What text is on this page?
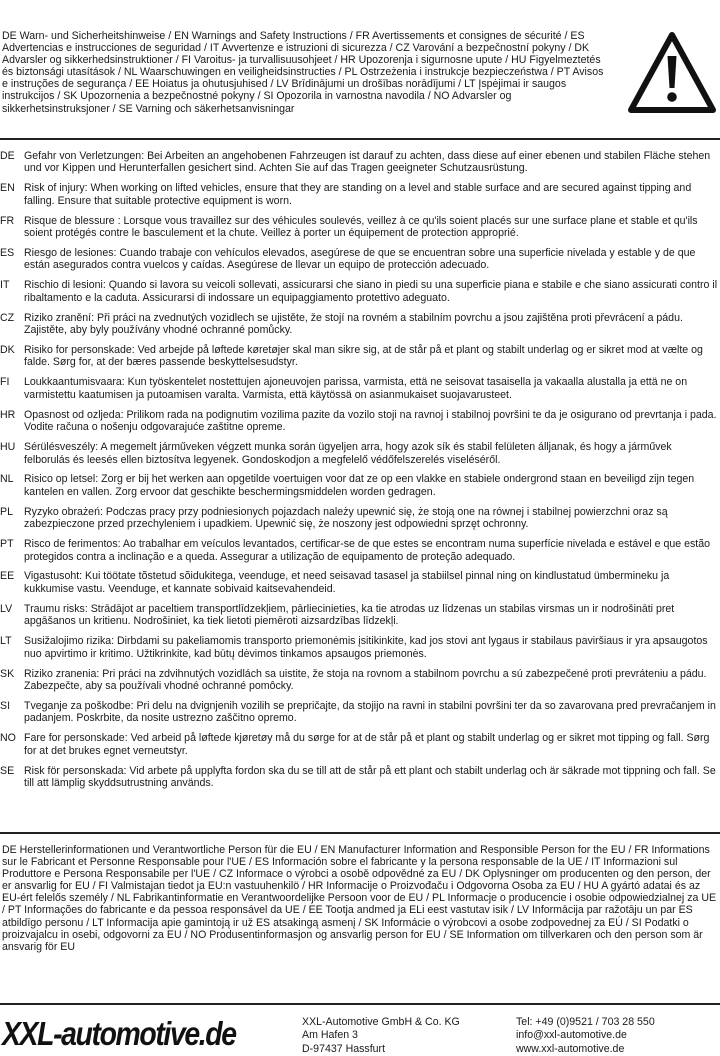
DE Warn- und Sicherheitshinweise / EN Warnings and Safety Instructions / FR Avertissements et consignes de sécurité / ES Advertencias e instrucciones de seguridad / IT Avvertenze e istruzioni di sicurezza / CZ Varování a bezpečnostní pokyny / DK Advarsler og sikkerhedsinstruktioner / FI Varoitus- ja turvallisuusohjeet / HR Upozorenja i sigurnosne upute / HU Figyelmeztetés és biztonsági utasítások / NL Waarschuwingen en veiligheidsinstructies / PL Ostrzeżenia i instrukcje bezpieczeństwa / PT Avisos e instruções de segurança / EE Hoiatus ja ohutusjuhised / LV Brīdinājumi un drošības norādījumi / LT Įspėjimai ir saugos instrukcijos / SK Upozornenia a bezpečnostné pokyny / SI Opozorila in varnostna navodila / NO Advarsler og sikkerhetsinstruksjoner / SE Varning och säkerhetsanvisningar
DE Gefahr von Verletzungen: Bei Arbeiten an angehobenen Fahrzeugen ist darauf zu achten, dass diese auf einer ebenen und stabilen Fläche stehen und vor Kippen und Herunterfallen gesichert sind. Achten Sie auf das Tragen geeigneter Schutzausrüstung.
EN Risk of injury: When working on lifted vehicles, ensure that they are standing on a level and stable surface and are secured against tipping and falling. Ensure that suitable protective equipment is worn.
FR Risque de blessure : Lorsque vous travaillez sur des véhicules soulevés, veillez à ce qu'ils soient placés sur une surface plane et stable et qu'ils soient protégés contre le basculement et la chute. Veillez à porter un équipement de protection approprié.
ES Riesgo de lesiones: Cuando trabaje con vehículos elevados, asegúrese de que se encuentran sobre una superficie nivelada y estable y de que están asegurados contra vuelcos y caídas. Asegúrese de llevar un equipo de protección adecuado.
IT	Rischio di lesioni: Quando si lavora su veicoli sollevati, assicurarsi che siano in piedi su una superficie piana e stabile e che siano assicurati contro il ribaltamento e la caduta. Assicurarsi di indossare un equipaggiamento protettivo adeguato.
CZ Riziko zranění: Při práci na zvednutých vozidlech se ujistěte, že stojí na rovném a stabilním povrchu a jsou zajištěna proti převrácení a pádu. Zajistěte, aby byly používány vhodné ochranné pomůcky.
DK Risiko for personskade: Ved arbejde på løftede køretøjer skal man sikre sig, at de står på et plant og stabilt underlag og er sikret mod at vælte og falde. Sørg for, at der bæres passende beskyttelsesudstyr.
FI	Loukkaantumisvaara: Kun työskentelet nostettujen ajoneuvojen parissa, varmista, että ne seisovat tasaisella ja vakaalla alustalla ja että ne on varmistettu kaatumisen ja putoamisen varalta. Varmista, että käytössä on asianmukaiset suojavarusteet.
HR Opasnost od ozljeda: Prilikom rada na podignutim vozilima pazite da vozilo stoji na ravnoj i stabilnoj površini te da je osigurano od prevrtanja i pada. Vodite računa o nošenju odgovarajuće zaštitne opreme.
HU Sérülésveszély: A megemelt járműveken végzett munka során ügyeljen arra, hogy azok sík és stabil felületen álljanak, és hogy a járművek felborulás és leesés ellen biztosítva legyenek. Gondoskodjon a megfelelő védőfelszerelés viseléséről.
NL Risico op letsel: Zorg er bij het werken aan opgetilde voertuigen voor dat ze op een vlakke en stabiele ondergrond staan en beveiligd zijn tegen kantelen en vallen. Zorg ervoor dat geschikte beschermingsmiddelen worden gedragen.
PL	Ryzyko obrażeń: Podczas pracy przy podniesionych pojazdach należy upewnić się, że stoją one na równej i stabilnej powierzchni oraz są zabezpieczone przed przechyleniem i upadkiem. Upewnić się, że noszony jest odpowiedni sprzęt ochronny.
PT Risco de ferimentos: Ao trabalhar em veículos levantados, certificar-se de que estes se encontram numa superfície nivelada e estável e que estão protegidos contra a inclinação e a queda. Assegurar a utilização de equipamento de proteção adequado.
EE Vigastusoht: Kui töötate tõstetud sõidukitega, veenduge, et need seisavad tasasel ja stabiilsel pinnal ning on kindlustatud ümbermineku ja kukkumise vastu. Veenduge, et kannate sobivaid kaitsevahendeid.
LV	Traumu risks: Strādājot ar paceltiem transportlīdzekļiem, pārliecinieties, ka tie atrodas uz līdzenas un stabilas virsmas un ir nodrošināti pret apgāšanos un kritienu. Nodrošiniet, ka tiek lietoti piemēroti aizsardzības līdzekļi.
LT	Susižalojimo rizika: Dirbdami su pakeliamomis transporto priemonėmis įsitikinkite, kad jos stovi ant lygaus ir stabilaus paviršiaus ir yra apsaugotos nuo apvirtimo ir kritimo. Užtikrinkite, kad būtų dėvimos tinkamos apsaugos priemonės.
SK Riziko zranenia: Pri práci na zdvihnutých vozidlách sa uistite, že stoja na rovnom a stabilnom povrchu a sú zabezpečené proti prevráteniu a pádu. Zabezpečte, aby sa používali vhodné ochranné pomôcky.
SI	Tveganje za poškodbe: Pri delu na dvignjenih vozilih se prepričajte, da stojijo na ravni in stabilni površini ter da so zavarovana pred prevračanjem in padanjem. Poskrbite, da nosite ustrezno zaščitno opremo.
NO Fare for personskade: Ved arbeid på løftede kjøretøy må du sørge for at de står på et plant og stabilt underlag og er sikret mot tipping og fall. Sørg for at det brukes egnet verneutstyr.
SE Risk för personskada: Vid arbete på upplyfta fordon ska du se till att de står på ett plant och stabilt underlag och är säkrade mot tippning och fall. Se till att lämplig skyddsutrustning används.
DE Herstellerinformationen und Verantwortliche Person für die EU / EN Manufacturer Information and Responsible Person for the EU / FR Informations sur le Fabricant et Personne Responsable pour l'UE / ES Información sobre el fabricante y la persona responsable de la UE / IT Informazioni sul Produttore e Persona Responsabile per l'UE / CZ Informace o výrobci a osobě odpovědné za EU / DK Oplysninger om producenten og den person, der er ansvarlig for EU / FI Valmistajan tiedot ja EU:n vastuuhenkilö / HR Informacije o Proizvođaču i Odgovorna Osoba za EU / HU A gyártó adatai és az EU-ért felelős személy / NL Fabrikantinformatie en Verantwoordelijke Persoon voor de EU / PL Informacje o producencie i osobie odpowiedzialnej za UE / PT Informações do fabricante e da pessoa responsável da UE / EE Tootja andmed ja ELi eest vastutav isik / LV Informācija par ražotāju un par ES atbildīgo personu / LT Informacija apie gamintoją ir už ES atsakingą asmenį / SK Informácie o výrobcovi a osobe zodpovednej za EÚ / SI Podatki o proizvajalcu in osebi, odgovorni za EU / NO Produsentinformasjon og ansvarlig person for EU / SE Information om tillverkaren och den person som är ansvarig för EU
XXL-automotive.de	XXL-Automotive GmbH & Co. KG
Am Hafen 3
D-97437 Hassfurt
Tel: +49 (0)9521 / 703 28 550
info@xxl-automotive.de
www.xxl-automotive.de
